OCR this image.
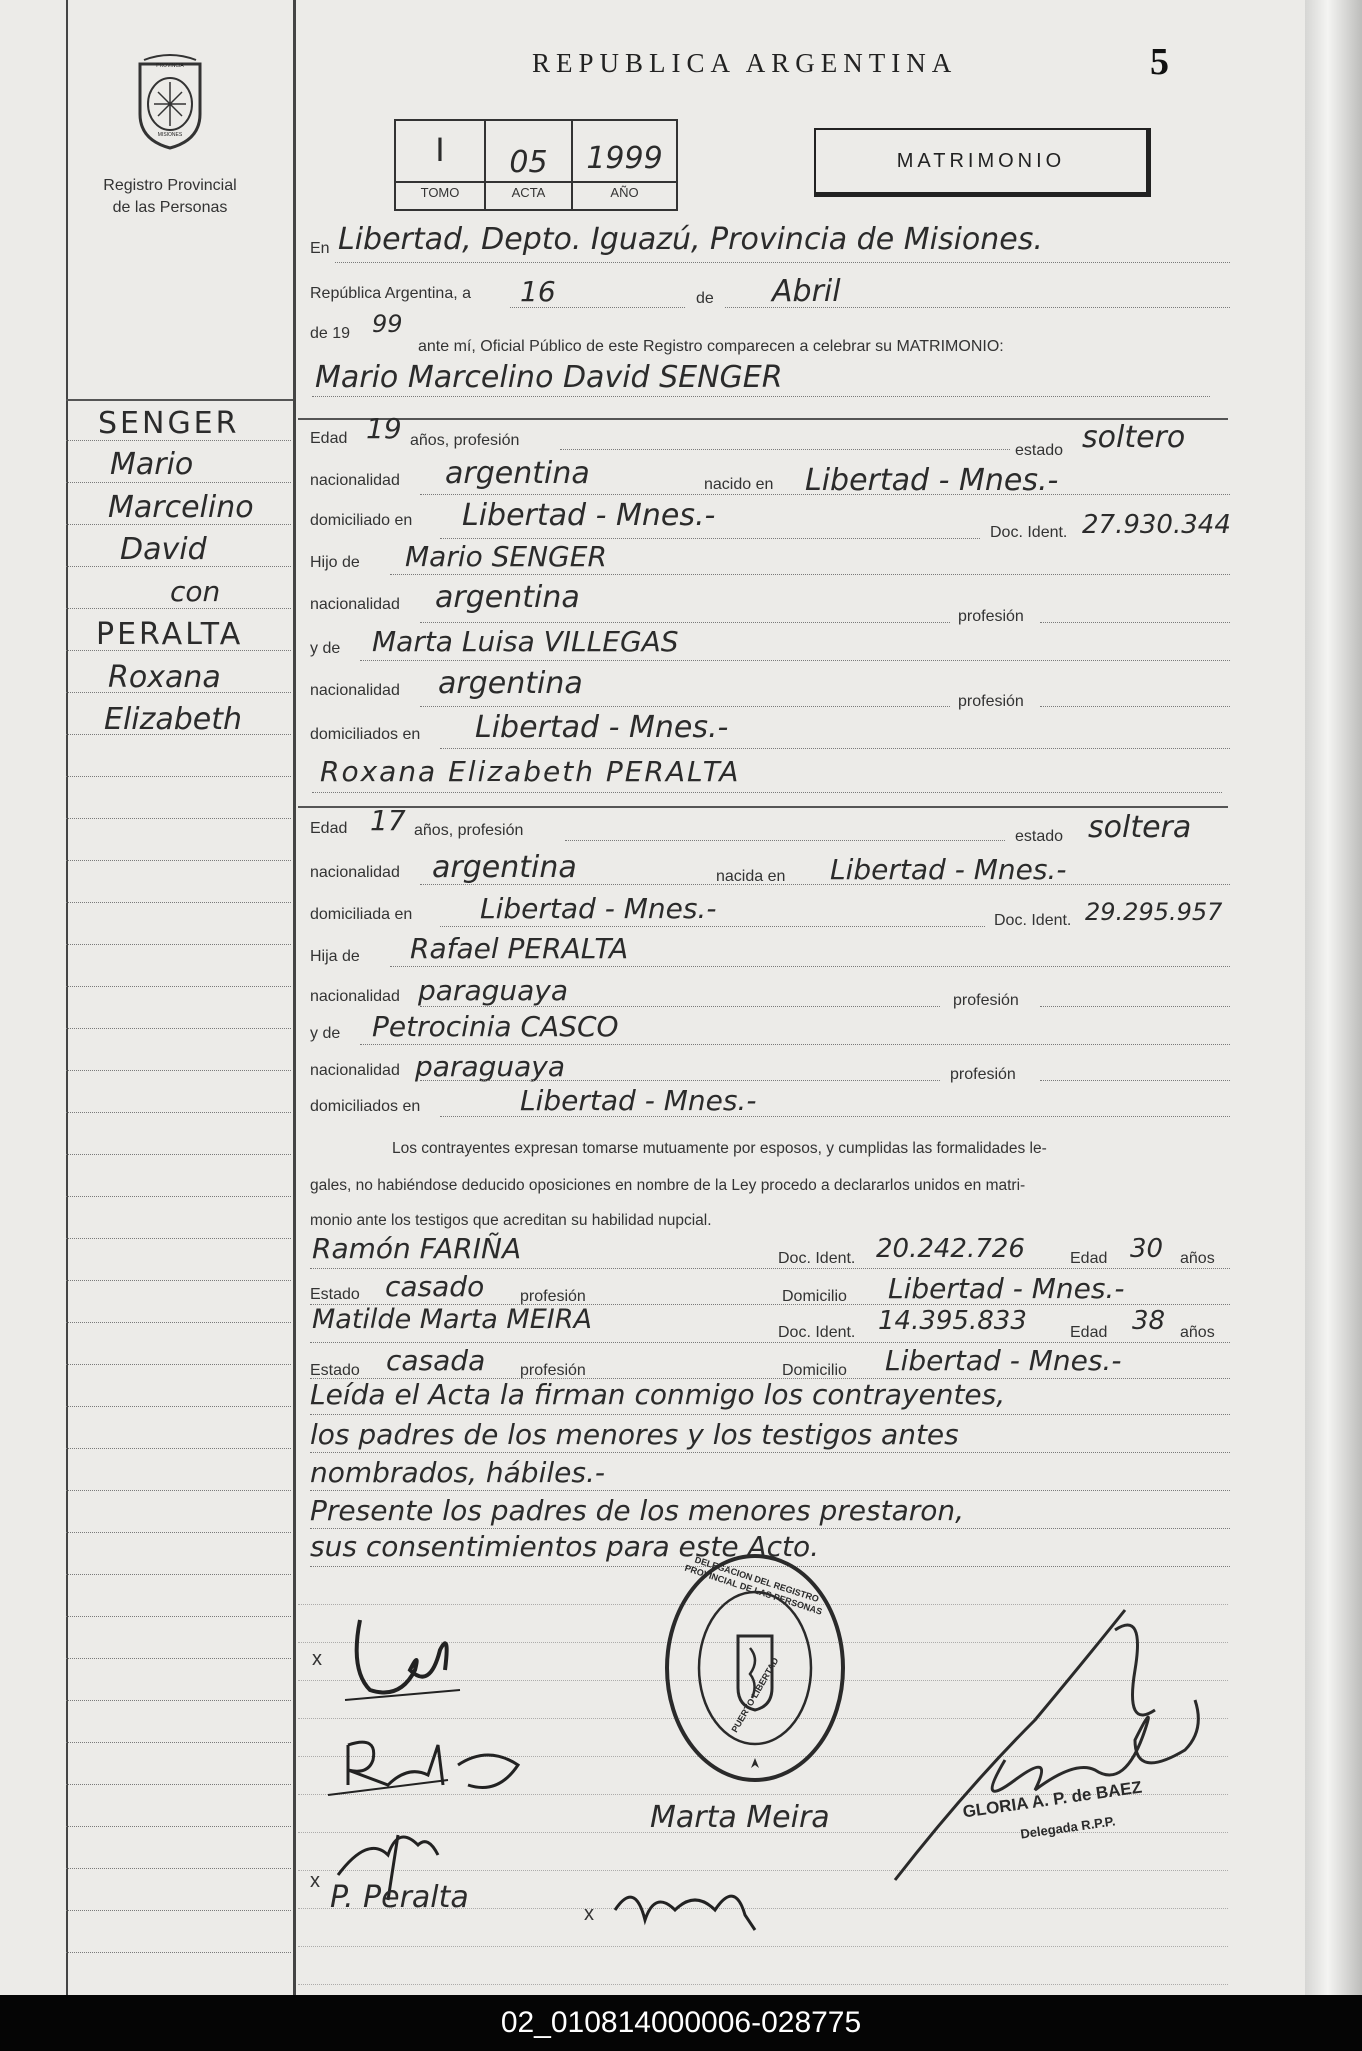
PROVINCIA
MISIONES
Registro Provincial
de las Personas
REPUBLICA ARGENTINA	5
I
TOMO
05
ACTA
1999
AÑO
MATRIMONIO
SENGER
Mario
Marcelino
David
con
PERALTA
Roxana
Elizabeth
En Libertad, Depto. Iguazú, Provincia de Misiones.
República Argentina, a 16	de Abril
de 19 99
ante mí, Oficial Público de este Registro comparecen a celebrar su MATRIMONIO:
Mario Marcelino David SENGER
Edad 19 años, profesión
estado soltero
nacionalidad argentina	nacido en Libertad - Mnes.-
domiciliado en Libertad - Mnes.-	Doc. Ident. 27.930.344
Hijo de Mario SENGER
nacionalidad argentina
profesión
y de Marta Luisa VILLEGAS
nacionalidad argentina
profesión
domiciliados en Libertad - Mnes.-
Roxana Elizabeth PERALTA
Edad 17 años, profesión	estado soltera
nacionalidad argentina	nacida en Libertad - Mnes.-
domiciliada en Libertad - Mnes.-	Doc. Ident. 29.295.957
Hija de Rafael PERALTA
nacionalidad paraguaya	profesión
y de Petrocinia CASCO
nacionalidad paraguaya	profesión
domiciliados en	Libertad - Mnes.-
Los contrayentes expresan tomarse mutuamente por esposos, y cumplidas las formalidades le-
gales, no habiéndose deducido oposiciones en nombre de la Ley procedo a declararlos unidos en matri-
monio ante los testigos que acreditan su habilidad nupcial.
Ramón FARIÑA	Doc. Ident. 20.242.726	Edad 30 años
Estado casado profesión	Domicilio Libertad - Mnes.-
Matilde Marta MEIRA	Doc. Ident. 14.395.833	Edad 38 años
Estado casada profesión	Domicilio Libertad - Mnes.-
Leída el Acta la firman conmigo los contrayentes,
los padres de los menores y los testigos antes
nombrados, hábiles.-
Presente los padres de los menores prestaron,
sus consentimientos para este Acto.
DELEGACION DEL REGISTRO PROVINCIAL DE LAS PERSONAS
PUERTO LIBERTAD
GLORIA A. P. de BAEZ
Delegada R.P.P.
x
x P. Peralta	x
Marta Meira
02_010814000006-028775
